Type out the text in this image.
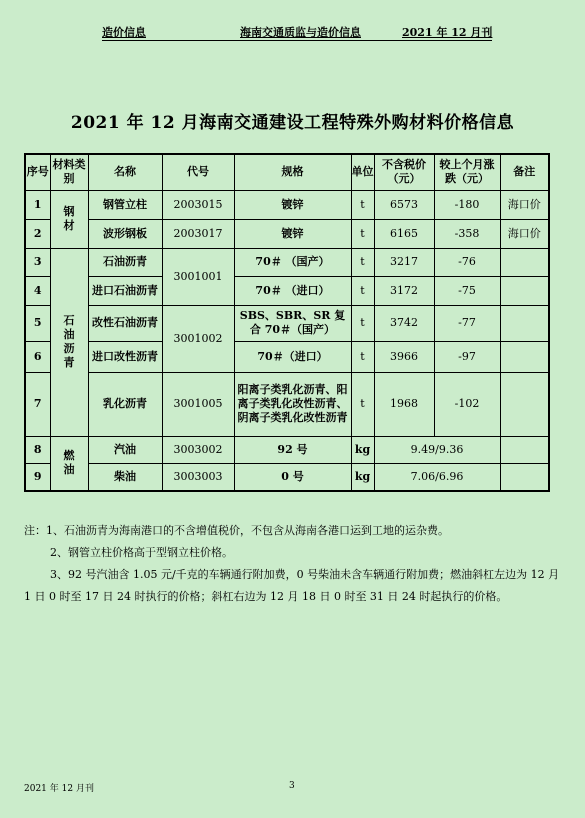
造价信息	海南交通质监与造价信息	2021 年 12 月刊
2021 年 12 月海南交通建设工程特殊外购材料价格信息
序号	材料类别	名称	代号	规格	单位	不含税价（元）	较上个月涨跌（元）	备注
1	钢材	钢管立柱	2003015	镀锌	t	6573	-180	海口价
2		波形钢板	2003017	镀锌	t	6165	-358	海口价
3	石油沥青	石油沥青	3001001	70＃ （国产）	t	3217	-76	
4		进口石油沥青		70＃ （进口）	t	3172	-75	
5		改性石油沥青	3001002	SBS、SBR、SR 复合 70＃（国产）	t	3742	-77	
6		进口改性沥青		70＃（进口）	t	3966	-97	
7		乳化沥青	3001005	阳离子类乳化沥青、阳离子类乳化改性沥青、阴离子类乳化改性沥青	t	1968	-102	
8	燃油	汽油	3003002	92 号	kg	9.49/9.36		
9		柴油	3003003	0 号	kg	7.06/6.96		

注：1、石油沥青为海南港口的不含增值税价，不包含从海南各港口运到工地的运杂费。

2、钢管立柱价格高于型钢立柱价格。

3、92 号汽油含 1.05 元/千克的车辆通行附加费，0 号柴油未含车辆通行附加费；燃油斜杠左边为 12 月 1 日 0 时至 17 日 24 时执行的价格；斜杠右边为 12 月 18 日 0 时至 31 日 24 时起执行的价格。

2021 年 12 月刊	3
